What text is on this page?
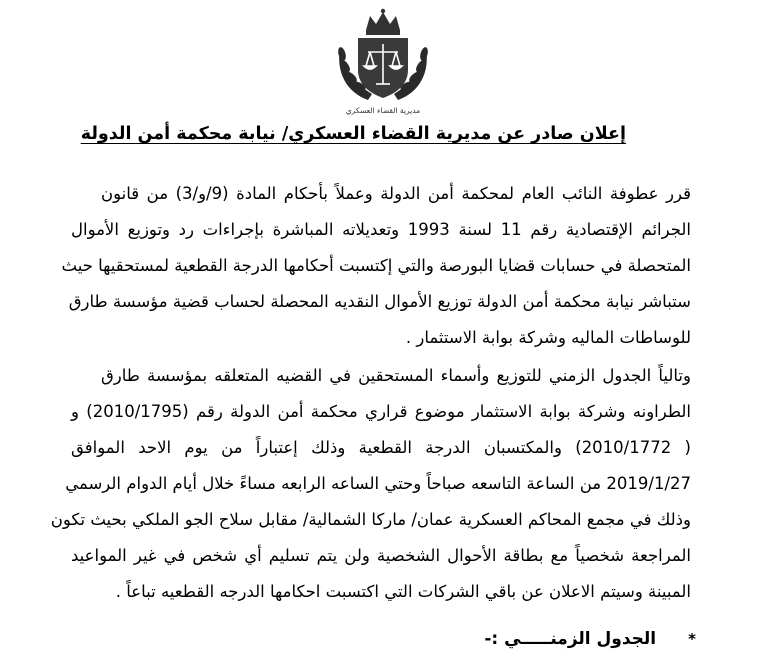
مديرية القضاء العسكري
إعلان صادر عن مديرية القضاء العسكري/ نيابة محكمة أمن الدولة
قرر عطوفة النائب العام لمحكمة أمن الدولة وعملاً بأحكام المادة (9/و/3) من قانون
الجرائم الإقتصادية رقم 11 لسنة 1993 وتعديلاته المباشرة بإجراءات رد وتوزيع الأموال
المتحصلة في حسابات قضايا البورصة والتي إكتسبت أحكامها الدرجة القطعية لمستحقيها حيث
ستباشر نيابة محكمة أمن الدولة توزيع الأموال النقديه المحصلة لحساب قضية مؤسسة طارق
للوساطات الماليه وشركة بوابة الاستثمار .
وتالياً الجدول الزمني للتوزيع وأسماء المستحقين في القضيه المتعلقه بمؤسسة طارق
الطراونه وشركة بوابة الاستثمار موضوع قراري محكمة أمن الدولة رقم (2010/1795) و
( 2010/1772) والمكتسبان الدرجة القطعية وذلك إعتباراً من يوم الاحد الموافق
2019/1/27 من الساعة التاسعه صباحاً وحتي الساعه الرابعه مساءً خلال أيام الدوام الرسمي
وذلك في مجمع المحاكم العسكرية عمان/ ماركا الشمالية/ مقابل سلاح الجو الملكي بحيث تكون
المراجعة شخصياً مع بطاقة الأحوال الشخصية ولن يتم تسليم أي شخص في غير المواعيد
المبينة وسيتم الاعلان عن باقي الشركات التي اكتسبت احكامها الدرجه القطعيه تباعاً .
*الجدول الزمنـــــي :-
